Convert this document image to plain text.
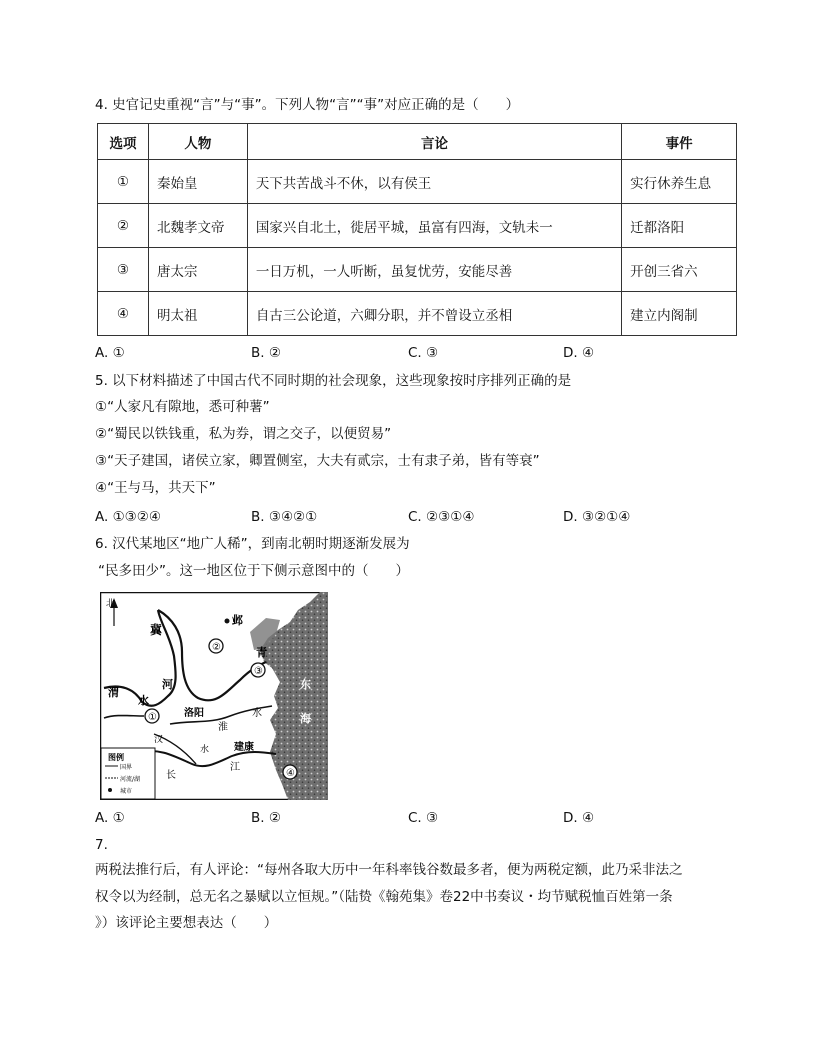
4. 史官记史重视“言”与“事”。下列人物“言”“事”对应正确的是（　　）
选项	人物	言论	事件
①	秦始皇	天下共苦战斗不休，以有侯王	实行休养生息
②	北魏孝文帝	国家兴自北土，徙居平城，虽富有四海，文轨未一	迁都洛阳
③	唐太宗	一日万机，一人听断，虽复忧劳，安能尽善	开创三省六
④	明太祖	自古三公论道，六卿分职，并不曾设立丞相	建立内阁制
A. ①	B. ②	C. ③	D. ④
5. 以下材料描述了中国古代不同时期的社会现象，这些现象按时序排列正确的是
①“人家凡有隙地，悉可种薯”
②“蜀民以铁钱重，私为券，谓之交子，以便贸易”
③“天子建国，诸侯立家，卿置侧室，大夫有贰宗，士有隶子弟，皆有等衰”
④“王与马，共天下”
A. ①③②④	B. ③④②①	C. ②③①④	D. ③②①④
6. 汉代某地区“地广人稀”，到南北朝时期逐渐发展为
“民多田少”。这一地区位于下侧示意图中的（　　）
北
冀
邺
青
渭
水
河
洛阳
淮
水
东
海
汉
水
江
长
建康
①
②
③
④
图例
国界
河流/湖
城市
A. ①	B. ②	C. ③	D. ④
7.
两税法推行后，有人评论：“每州各取大历中一年科率钱谷数最多者，便为两税定额，此乃采非法之
权令以为经制，总无名之暴赋以立恒规。”（陆贽《翰苑集》卷22中书奏议・均节赋税恤百姓第一条
》）该评论主要想表达（　　）
